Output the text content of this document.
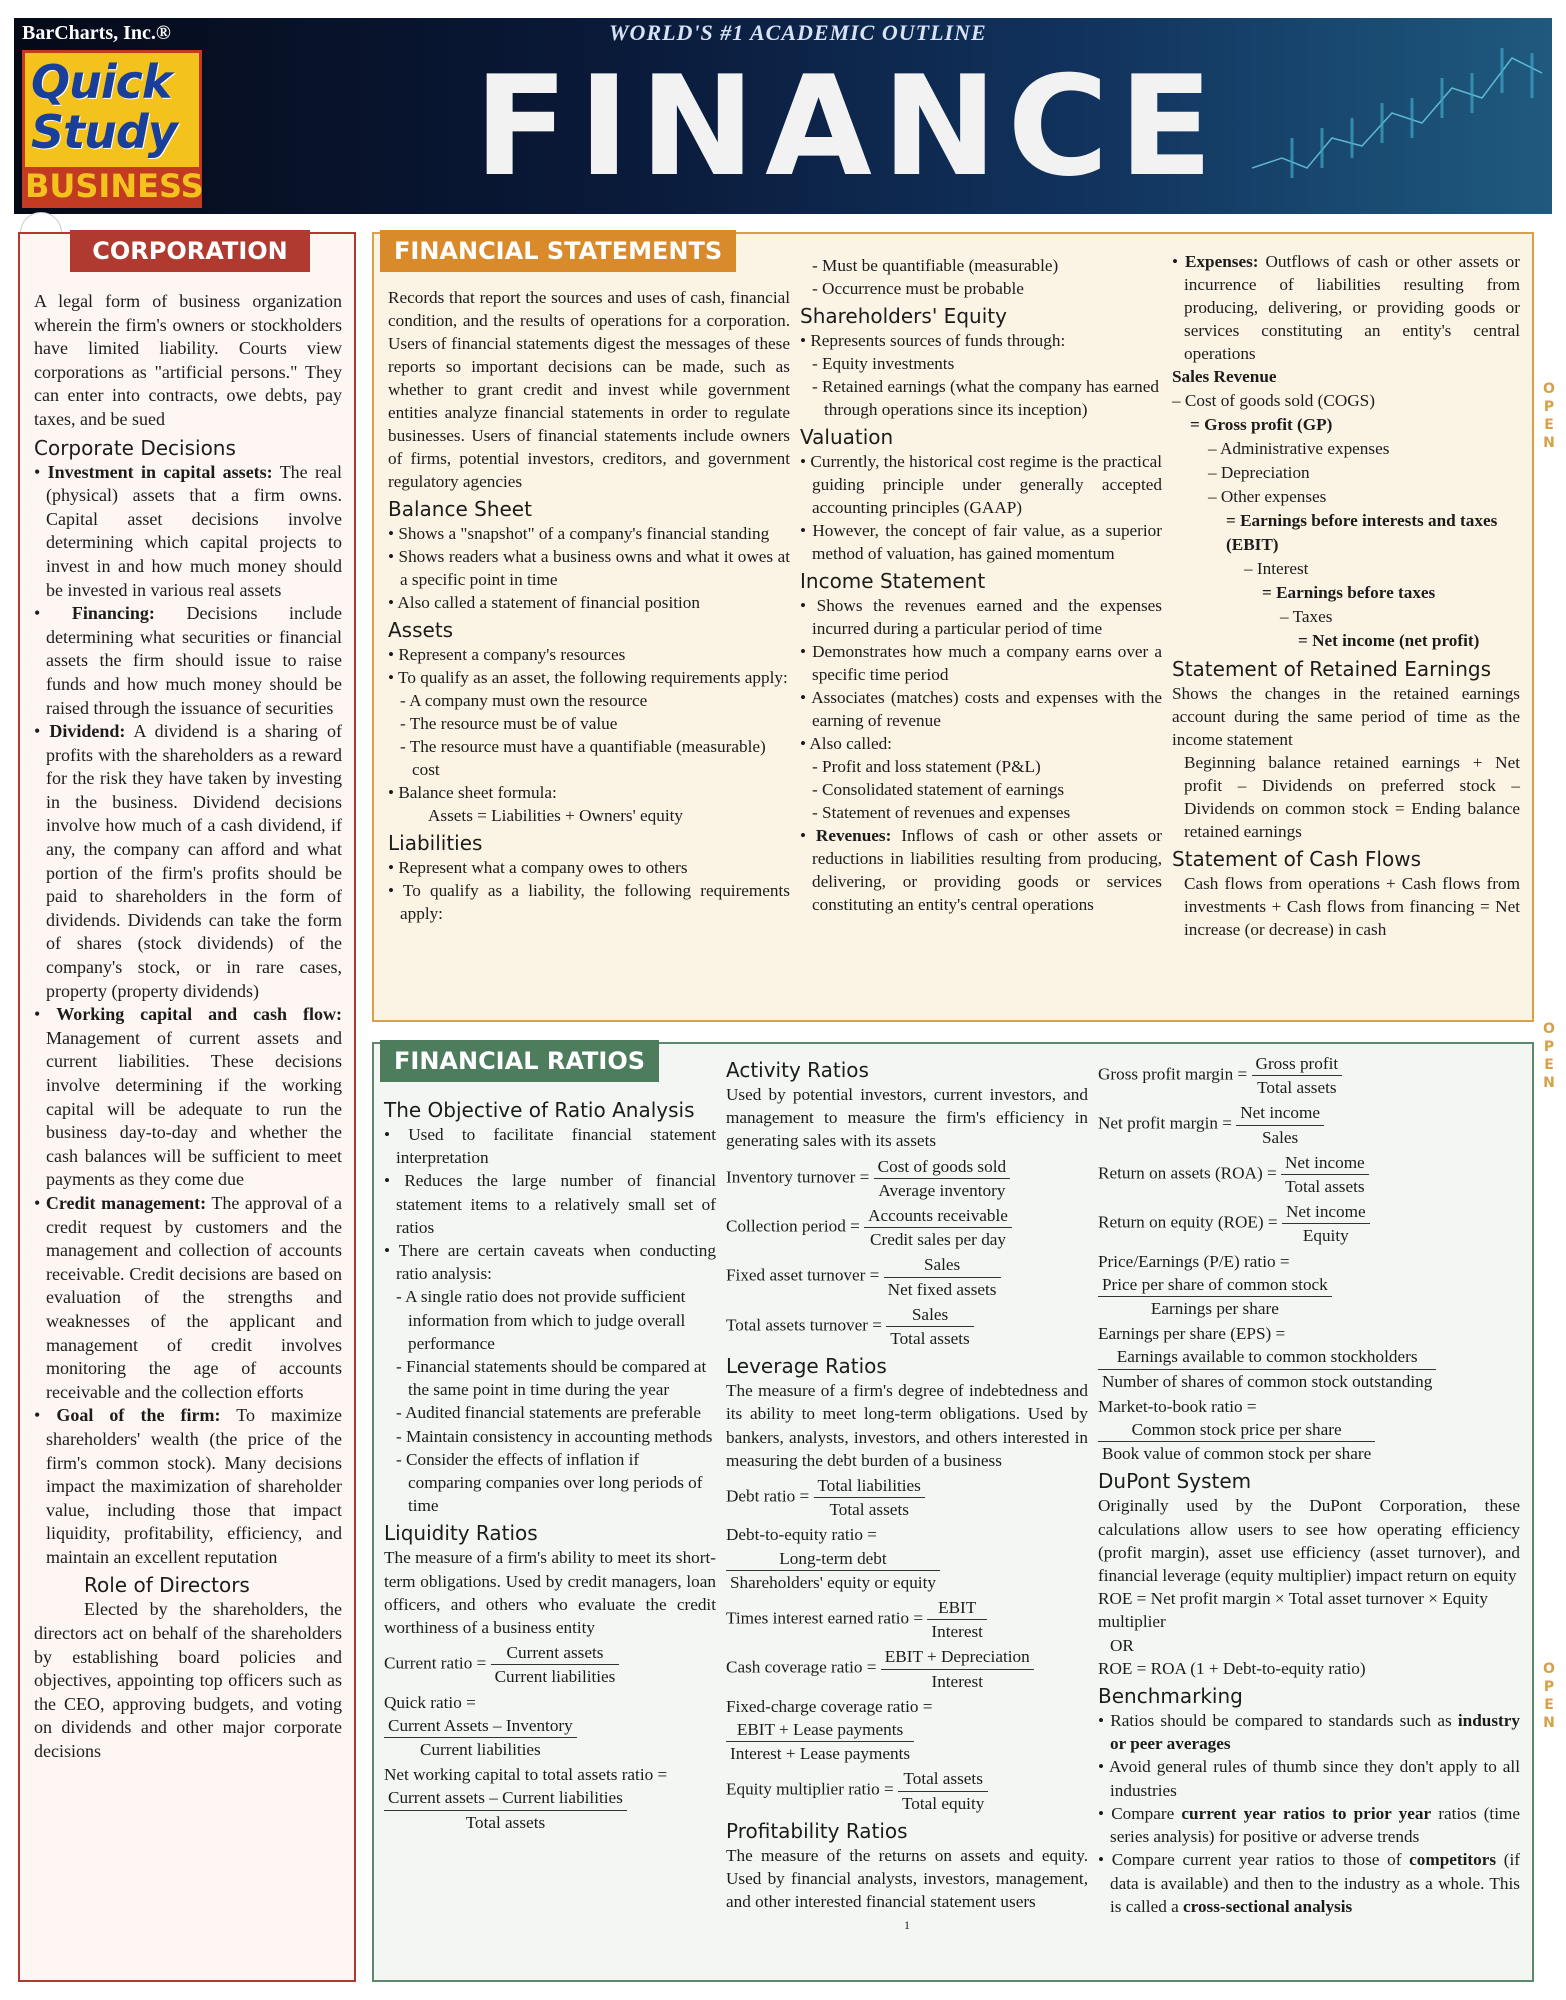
BarCharts, Inc.®
Quick
Study
BUSINESS
WORLD'S #1 ACADEMIC OUTLINE
FINANCE
CORPORATION

A legal form of business organization wherein the firm's owners or stockholders have limited liability. Courts view corporations as "artificial persons." They can enter into contracts, owe debts, pay taxes, and be sued

Corporate Decisions
• Investment in capital assets: The real (physical) assets that a firm owns. Capital asset decisions involve determining which capital projects to invest in and how much money should be invested in various real assets
• Financing: Decisions include determining what securities or financial assets the firm should issue to raise funds and how much money should be raised through the issuance of securities
• Dividend: A dividend is a sharing of profits with the shareholders as a reward for the risk they have taken by investing in the business. Dividend decisions involve how much of a cash dividend, if any, the company can afford and what portion of the firm's profits should be paid to shareholders in the form of dividends. Dividends can take the form of shares (stock dividends) of the company's stock, or in rare cases, property (property dividends)
• Working capital and cash flow: Management of current assets and current liabilities. These decisions involve determining if the working capital will be adequate to run the business day-to-day and whether the cash balances will be sufficient to meet payments as they come due
• Credit management: The approval of a credit request by customers and the management and collection of accounts receivable. Credit decisions are based on evaluation of the strengths and weaknesses of the applicant and management of credit involves monitoring the age of accounts receivable and the collection efforts
• Goal of the firm: To maximize shareholders' wealth (the price of the firm's common stock). Many decisions impact the maximization of shareholder value, including those that impact liquidity, profitability, efficiency, and maintain an excellent reputation
Role of Directors

Elected by the shareholders, the directors act on behalf of the shareholders by establishing board policies and objectives, appointing top officers such as the CEO, approving budgets, and voting on dividends and other major corporate decisions

FINANCIAL STATEMENTS

Records that report the sources and uses of cash, financial condition, and the results of operations for a corporation. Users of financial statements digest the messages of these reports so important decisions can be made, such as whether to grant credit and invest while government entities analyze financial statements in order to regulate businesses. Users of financial statements include owners of firms, potential investors, creditors, and government regulatory agencies

Balance Sheet
• Shows a "snapshot" of a company's financial standing
• Shows readers what a business owns and what it owes at a specific point in time
• Also called a statement of financial position
Assets
• Represent a company's resources
• To qualify as an asset, the following requirements apply:
- A company must own the resource
- The resource must be of value
- The resource must have a quantifiable (measurable) cost
• Balance sheet formula:
Assets = Liabilities + Owners' equity
Liabilities
• Represent what a company owes to others
• To qualify as a liability, the following requirements apply:
- Must be quantifiable (measurable)
- Occurrence must be probable
Shareholders' Equity
• Represents sources of funds through:
- Equity investments
- Retained earnings (what the company has earned through operations since its inception)
Valuation
• Currently, the historical cost regime is the practical guiding principle under generally accepted accounting principles (GAAP)
• However, the concept of fair value, as a superior method of valuation, has gained momentum
Income Statement
• Shows the revenues earned and the expenses incurred during a particular period of time
• Demonstrates how much a company earns over a specific time period
• Associates (matches) costs and expenses with the earning of revenue
• Also called:
- Profit and loss statement (P&L)
- Consolidated statement of earnings
- Statement of revenues and expenses
• Revenues: Inflows of cash or other assets or reductions in liabilities resulting from producing, delivering, or providing goods or services constituting an entity's central operations
• Expenses: Outflows of cash or other assets or incurrence of liabilities resulting from producing, delivering, or providing goods or services constituting an entity's central operations
Sales Revenue
– Cost of goods sold (COGS)
= Gross profit (GP)
– Administrative expenses
– Depreciation
– Other expenses
= Earnings before interests and taxes (EBIT)
– Interest
= Earnings before taxes
– Taxes
= Net income (net profit)
Statement of Retained Earnings

Shows the changes in the retained earnings account during the same period of time as the income statement

Beginning balance retained earnings + Net profit – Dividends on preferred stock – Dividends on common stock = Ending balance retained earnings

Statement of Cash Flows

Cash flows from operations + Cash flows from investments + Cash flows from financing = Net increase (or decrease) in cash

FINANCIAL RATIOS
The Objective of Ratio Analysis
• Used to facilitate financial statement interpretation
• Reduces the large number of financial statement items to a relatively small set of ratios
• There are certain caveats when conducting ratio analysis:
- A single ratio does not provide sufficient information from which to judge overall performance
- Financial statements should be compared at the same point in time during the year
- Audited financial statements are preferable
- Maintain consistency in accounting methods
- Consider the effects of inflation if comparing companies over long periods of time
Liquidity Ratios

The measure of a firm's ability to meet its short-term obligations. Used by credit managers, loan officers, and others who evaluate the credit worthiness of a business entity

Current ratio = $\frac{\text{Current assets}}{\text{Current liabilities}}$
Quick ratio =
$\frac{\text{Current Assets – Inventory}}{\text{Current liabilities}}$
Net working capital to total assets ratio =
$\frac{\text{Current assets – Current liabilities}}{\text{Total assets}}$
Activity Ratios

Used by potential investors, current investors, and management to measure the firm's efficiency in generating sales with its assets

Inventory turnover = $\frac{\text{Cost of goods sold}}{\text{Average inventory}}$
Collection period = $\frac{\text{Accounts receivable}}{\text{Credit sales per day}}$
Fixed asset turnover = $\frac{\text{Sales}}{\text{Net fixed assets}}$
Total assets turnover = $\frac{\text{Sales}}{\text{Total assets}}$
Leverage Ratios

The measure of a firm's degree of indebtedness and its ability to meet long-term obligations. Used by bankers, analysts, investors, and others interested in measuring the debt burden of a business

Debt ratio = $\frac{\text{Total liabilities}}{\text{Total assets}}$
Debt-to-equity ratio =
$\frac{\text{Long-term debt}}{\text{Shareholders' equity or equity}}$
Times interest earned ratio = $\frac{\text{EBIT}}{\text{Interest}}$
Cash coverage ratio = $\frac{\text{EBIT + Depreciation}}{\text{Interest}}$
Fixed-charge coverage ratio =
$\frac{\text{EBIT + Lease payments}}{\text{Interest + Lease payments}}$
Equity multiplier ratio = $\frac{\text{Total assets}}{\text{Total equity}}$
Profitability Ratios

The measure of the returns on assets and equity. Used by financial analysts, investors, management, and other interested financial statement users

1
Gross profit margin = $\frac{\text{Gross profit}}{\text{Total assets}}$
Net profit margin = $\frac{\text{Net income}}{\text{Sales}}$
Return on assets $(ROA) = \frac{\text{Net income}}{\text{Total assets}}$
Return on equity $(ROE) = \frac{\text{Net income}}{\text{Equity}}$
Price/Earnings (P/E) ratio =
$\frac{\text{Price per share of common stock}}{\text{Earnings per share}}$
Earnings per share (EPS) =
$\frac{\text{Earnings available to common stockholders}}{\text{Number of shares of common stock outstanding}}$
Market-to-book ratio =
$\frac{\text{Common stock price per share}}{\text{Book value of common stock per share}}$
DuPont System

Originally used by the DuPont Corporation, these calculations allow users to see how operating efficiency (profit margin), asset use efficiency (asset turnover), and financial leverage (equity multiplier) impact return on equity

ROE = Net profit margin × Total asset turnover × Equity multiplier
OR
ROE = ROA (1 + Debt-to-equity ratio)
Benchmarking
• Ratios should be compared to standards such as industry or peer averages
• Avoid general rules of thumb since they don't apply to all industries
• Compare current year ratios to prior year ratios (time series analysis) for positive or adverse trends
• Compare current year ratios to those of competitors (if data is available) and then to the industry as a whole. This is called a cross-sectional analysis
O
P
E
N
O
P
E
N
O
P
E
N
